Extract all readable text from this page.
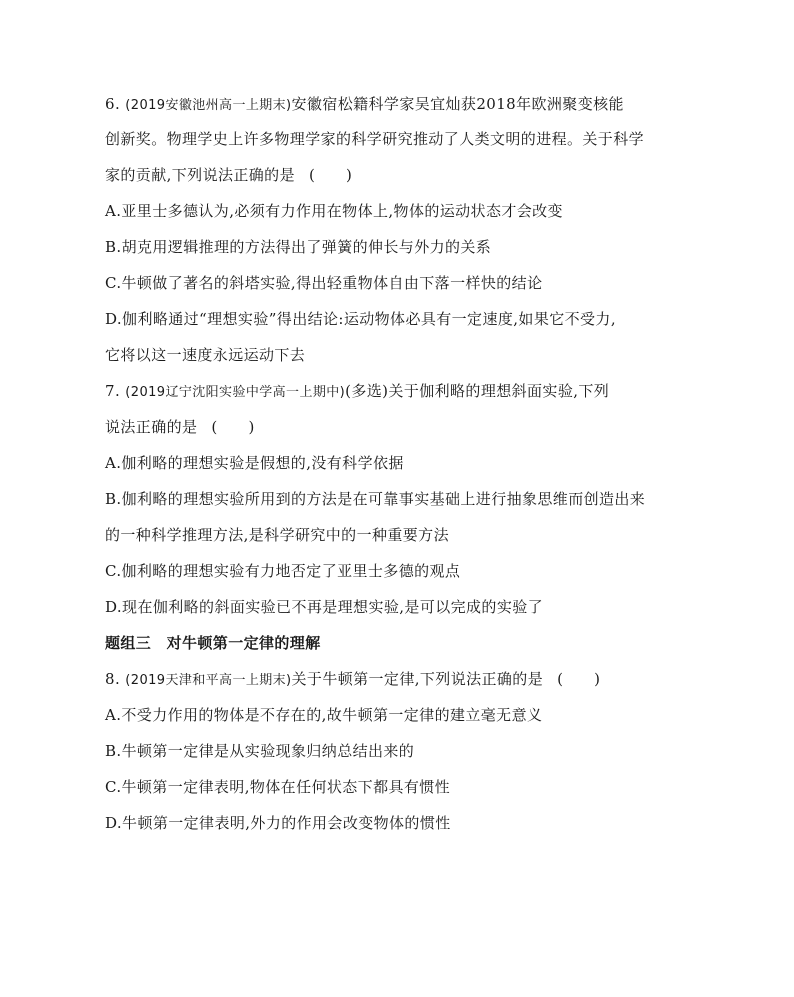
6. (2019安徽池州高一上期末)安徽宿松籍科学家吴宜灿获2018年欧洲聚变核能
创新奖。物理学史上许多物理学家的科学研究推动了人类文明的进程。关于科学
家的贡献,下列说法正确的是 (　　)
A.亚里士多德认为,必须有力作用在物体上,物体的运动状态才会改变
B.胡克用逻辑推理的方法得出了弹簧的伸长与外力的关系
C.牛顿做了著名的斜塔实验,得出轻重物体自由下落一样快的结论
D.伽利略通过“理想实验”得出结论:运动物体必具有一定速度,如果它不受力,
它将以这一速度永远运动下去
7. (2019辽宁沈阳实验中学高一上期中)(多选)关于伽利略的理想斜面实验,下列
说法正确的是 (　　)
A.伽利略的理想实验是假想的,没有科学依据
B.伽利略的理想实验所用到的方法是在可靠事实基础上进行抽象思维而创造出来
的一种科学推理方法,是科学研究中的一种重要方法
C.伽利略的理想实验有力地否定了亚里士多德的观点
D.现在伽利略的斜面实验已不再是理想实验,是可以完成的实验了
题组三　对牛顿第一定律的理解
8. (2019天津和平高一上期末)关于牛顿第一定律,下列说法正确的是 (　　)
A.不受力作用的物体是不存在的,故牛顿第一定律的建立毫无意义
B.牛顿第一定律是从实验现象归纳总结出来的
C.牛顿第一定律表明,物体在任何状态下都具有惯性
D.牛顿第一定律表明,外力的作用会改变物体的惯性
